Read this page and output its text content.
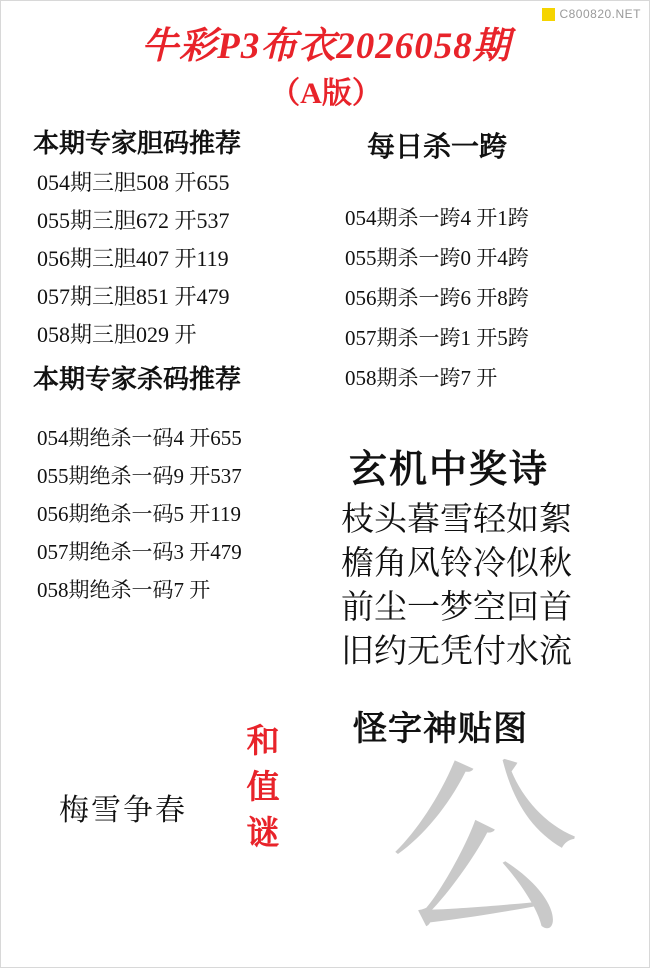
C800820.NET
牛彩P3布衣2026058期
（A版）
本期专家胆码推荐
054期三胆508 开655
055期三胆672 开537
056期三胆407 开119
057期三胆851 开479
058期三胆029 开
本期专家杀码推荐
054期绝杀一码4 开655
055期绝杀一码9 开537
056期绝杀一码5 开119
057期绝杀一码3 开479
058期绝杀一码7 开
每日杀一跨
054期杀一跨4 开1跨
055期杀一跨0 开4跨
056期杀一跨6 开8跨
057期杀一跨1 开5跨
058期杀一跨7 开
玄机中奖诗
枝头暮雪轻如絮
檐角风铃冷似秋
前尘一梦空回首
旧约无凭付水流
怪字神贴图
公
和
值
谜
梅雪争春
